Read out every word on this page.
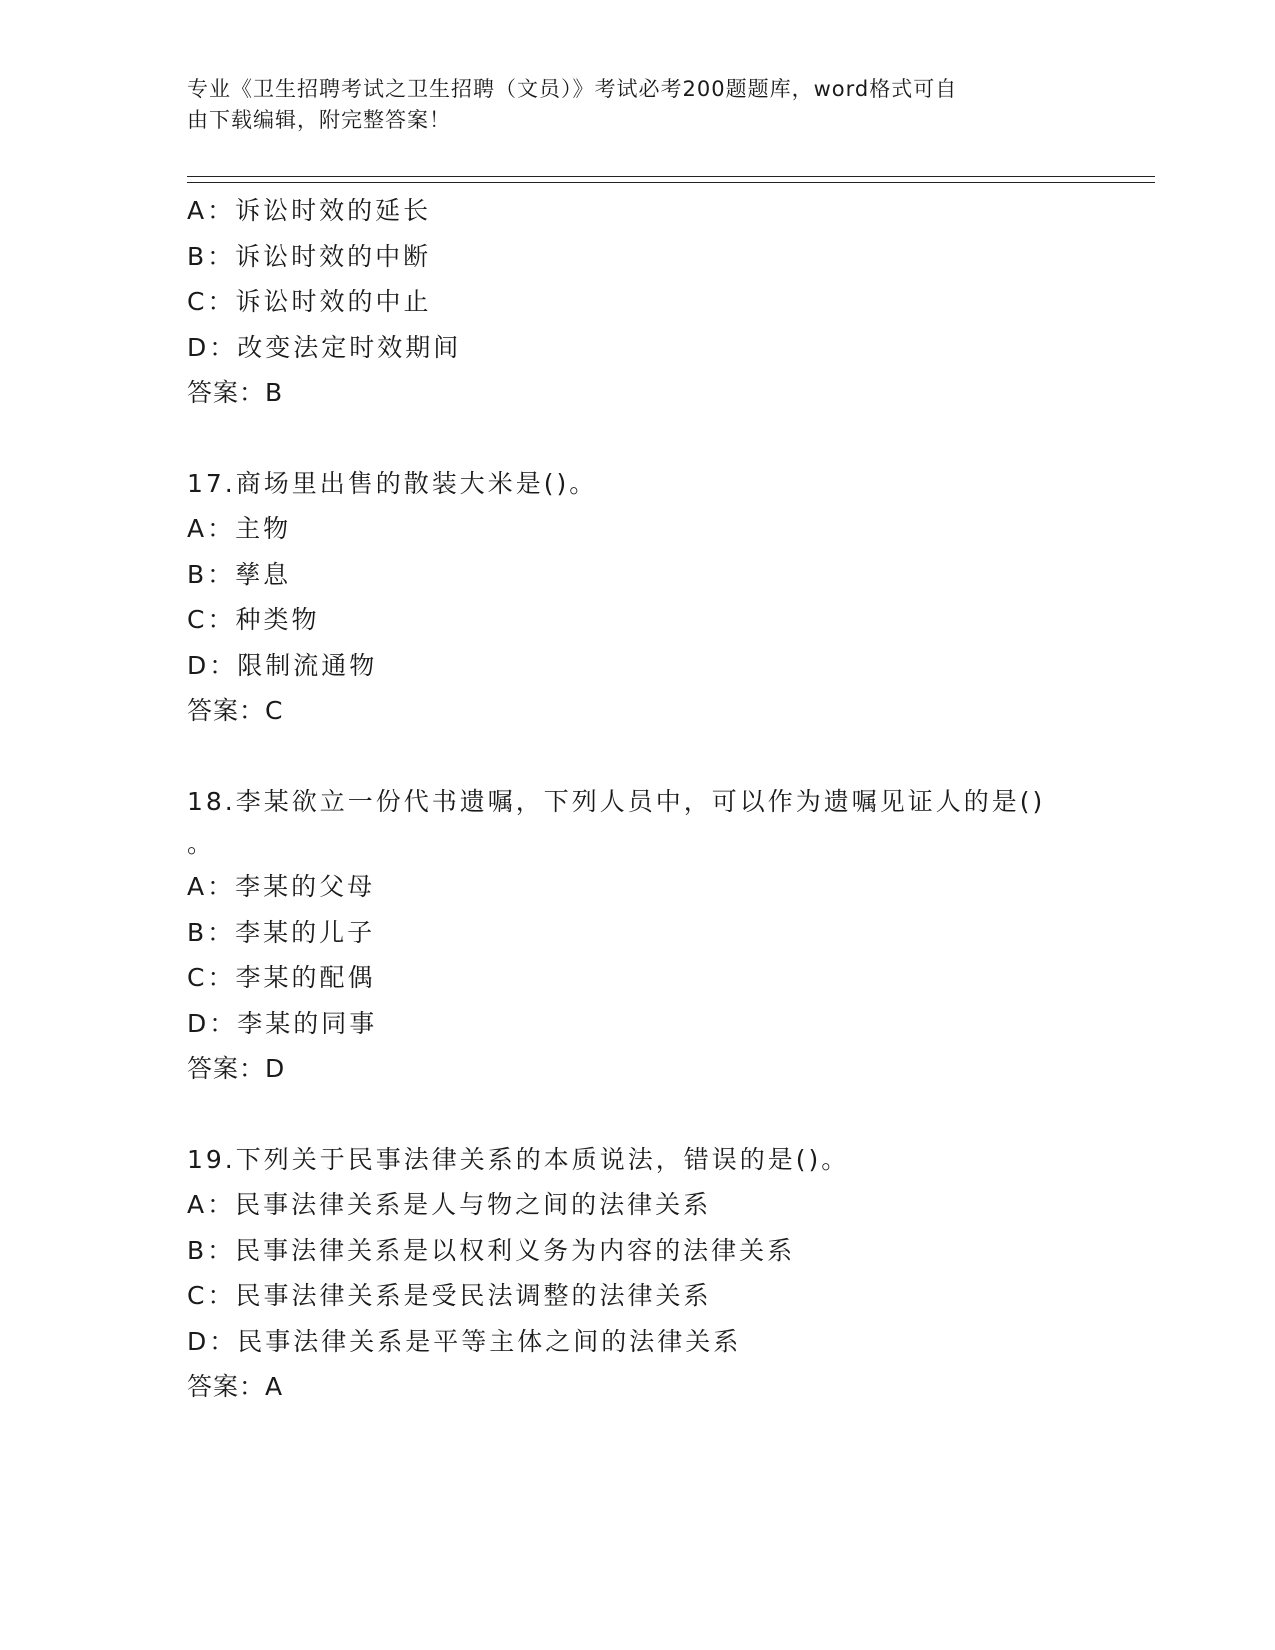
专业《卫生招聘考试之卫生招聘（文员）》考试必考200题题库，word格式可自
由下载编辑，附完整答案！
A：诉讼时效的延长
B：诉讼时效的中断
C：诉讼时效的中止
D：改变法定时效期间
答案：B
17.商场里出售的散装大米是()。
A：主物
B：孳息
C：种类物
D：限制流通物
答案：C
18.李某欲立一份代书遗嘱，下列人员中，可以作为遗嘱见证人的是()
。
A：李某的父母
B：李某的儿子
C：李某的配偶
D：李某的同事
答案：D
19.下列关于民事法律关系的本质说法，错误的是()。
A：民事法律关系是人与物之间的法律关系
B：民事法律关系是以权利义务为内容的法律关系
C：民事法律关系是受民法调整的法律关系
D：民事法律关系是平等主体之间的法律关系
答案：A
